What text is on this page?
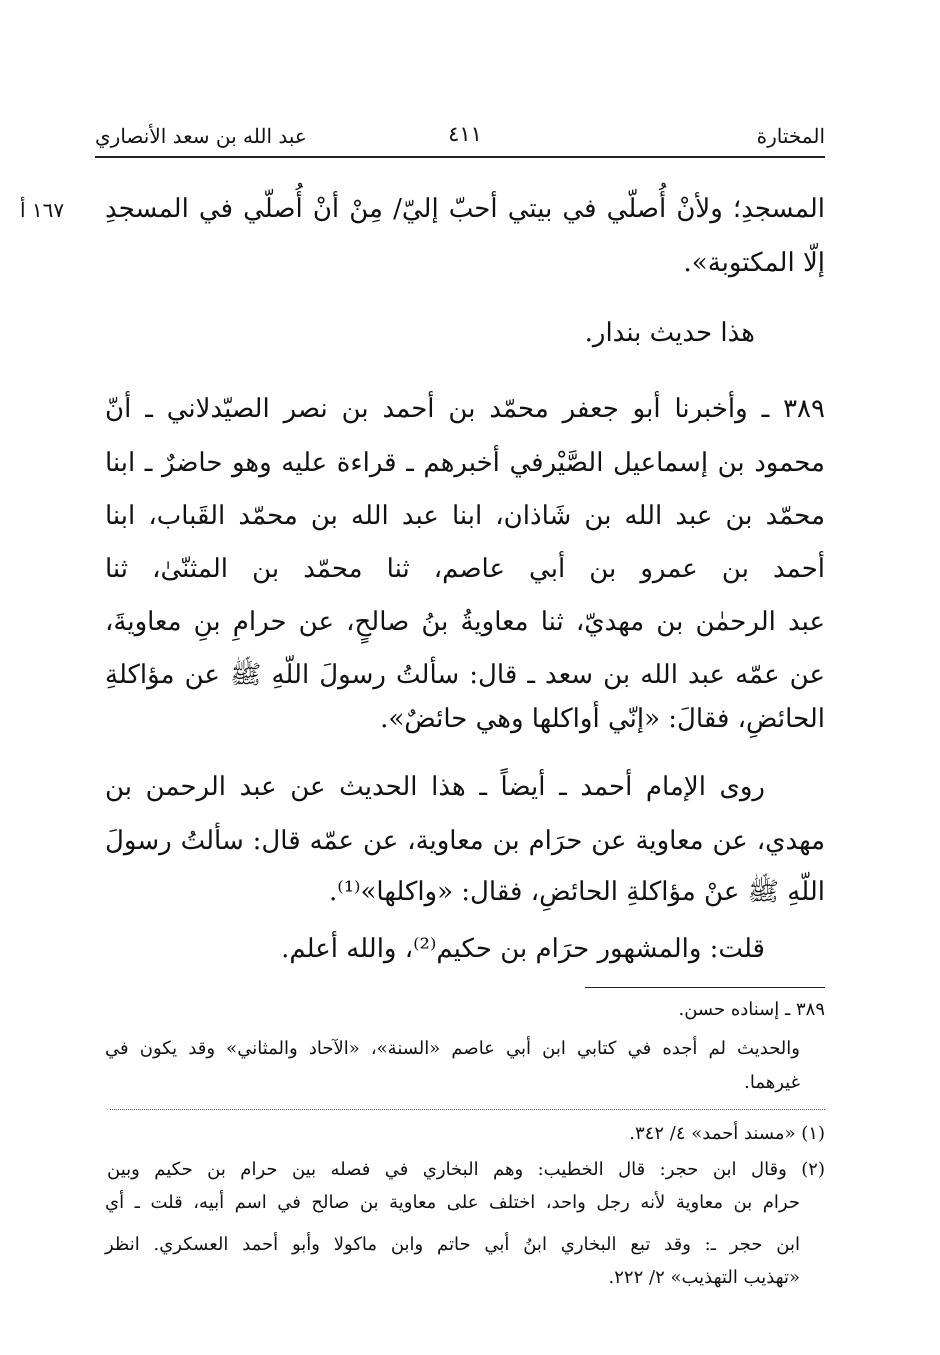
عبد الله بن سعد الأنصاري	٤١١	المختارة
١٦٧ أ المسجدِ؛ ولأنْ أُصلّي في بيتي أحبّ إليّ/ مِنْ أنْ أُصلّي في المسجدِ
إلّا المكتوبة».
هذا حديث بندار.
٣٨٩ ـ وأخبرنا أبو جعفر محمّد بن أحمد بن نصر الصيّدلاني ـ أنّ
محمود بن إسماعيل الصَّيْرفي أخبرهم ـ قراءة عليه وهو حاضرٌ ـ ابنا
محمّد بن عبد الله بن شَاذان، ابنا عبد الله بن محمّد القَباب، ابنا
أحمد بن عمرو بن أبي عاصم، ثنا محمّد بن المثنّىٰ، ثنا
عبد الرحمٰن بن مهديّ، ثنا معاويةُ بنُ صالحٍ، عن حرامِ بنِ معاويةَ،
عن عمّه عبد الله بن سعد ـ قال: سألتُ رسولَ اللّهِ ﷺ عن مؤاكلةِ
الحائضِ، فقالَ: «إنّي أواكلها وهي حائضٌ».
روى الإمام أحمد ـ أيضاً ـ هذا الحديث عن عبد الرحمن بن
مهدي، عن معاوية عن حرَام بن معاوية، عن عمّه قال: سألتُ رسولَ
اللّهِ ﷺ عنْ مؤاكلةِ الحائضِ، فقال: «واكلها»⁽¹⁾.
قلت: والمشهور حرَام بن حكيم⁽²⁾، والله أعلم.
٣٨٩ ـ إسناده حسن.
والحديث لم أجده في كتابي ابن أبي عاصم «السنة»، «الآحاد والمثاني» وقد يكون في
غيرهما.
(١) «مسند أحمد» ٤/ ٣٤٢.
(٢) وقال ابن حجر: قال الخطيب: وهم البخاري في فصله بين حرام بن حكيم وبين
حرام بن معاوية لأنه رجل واحد، اختلف على معاوية بن صالح في اسم أبيه، قلت ـ أي
ابن حجر ـ: وقد تبع البخاري ابنُ أبي حاتم وابن ماكولا وأبو أحمد العسكري. انظر
«تهذيب التهذيب» ٢/ ٢٢٢.
